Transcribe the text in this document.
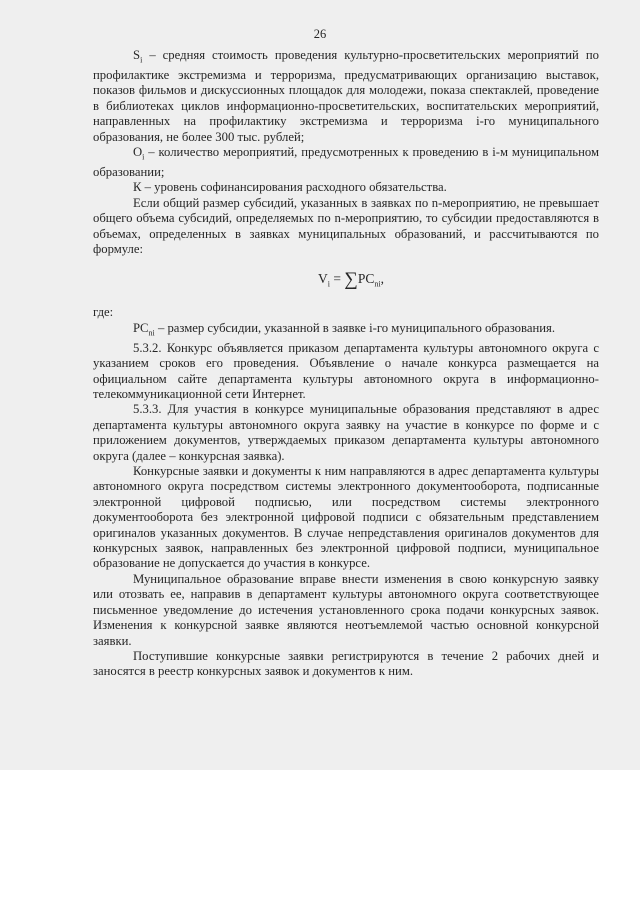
26

$S_i$ – средняя стоимость проведения культурно-просветительских мероприятий по профилактике экстремизма и терроризма, предусматривающих организацию выставок, показов фильмов и дискуссионных площадок для молодежи, показа спектаклей, проведение в библиотеках циклов информационно-просветительских, воспитательских мероприятий, направленных на профилактику экстремизма и терроризма i-го муниципального образования, не более 300 тыс. рублей;

$O_i$ – количество мероприятий, предусмотренных к проведению в i-м муниципальном образовании;

К – уровень софинансирования расходного обязательства.

Если общий размер субсидий, указанных в заявках по n-мероприятию, не превышает общего объема субсидий, определяемых по n-мероприятию, то субсидии предоставляются в объемах, определенных в заявках муниципальных образований, и рассчитываются по формуле:

$V_i = \sum PC_{ni}$,

где:

$PC_{ni}$ – размер субсидии, указанной в заявке i-го муниципального образования.

5.3.2. Конкурс объявляется приказом департамента культуры автономного округа с указанием сроков его проведения. Объявление о начале конкурса размещается на официальном сайте департамента культуры автономного округа в информационно-телекоммуникационной сети Интернет.

5.3.3. Для участия в конкурсе муниципальные образования представляют в адрес департамента культуры автономного округа заявку на участие в конкурсе по форме и с приложением документов, утверждаемых приказом департамента культуры автономного округа (далее – конкурсная заявка).

Конкурсные заявки и документы к ним направляются в адрес департамента культуры автономного округа посредством системы электронного документооборота, подписанные электронной цифровой подписью, или посредством системы электронного документооборота без электронной цифровой подписи с обязательным представлением оригиналов указанных документов. В случае непредставления оригиналов документов для конкурсных заявок, направленных без электронной цифровой подписи, муниципальное образование не допускается до участия в конкурсе.

Муниципальное образование вправе внести изменения в свою конкурсную заявку или отозвать ее, направив в департамент культуры автономного округа соответствующее письменное уведомление до истечения установленного срока подачи конкурсных заявок. Изменения к конкурсной заявке являются неотъемлемой частью основной конкурсной заявки.

Поступившие конкурсные заявки регистрируются в течение 2 рабочих дней и заносятся в реестр конкурсных заявок и документов к ним.
